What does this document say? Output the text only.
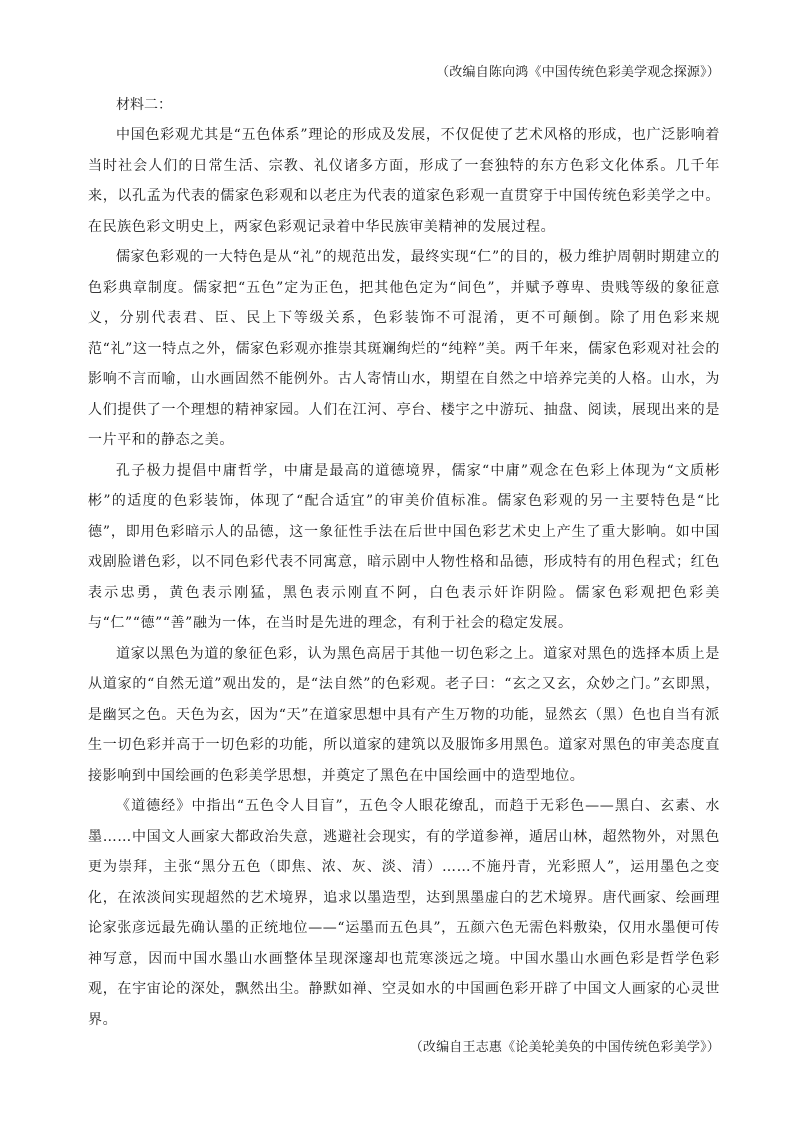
（改编自陈向鸿《中国传统色彩美学观念探源》）

材料二：

中国色彩观尤其是“五色体系”理论的形成及发展，不仅促使了艺术风格的形成，也广泛影响着当时社会人们的日常生活、宗教、礼仪诸多方面，形成了一套独特的东方色彩文化体系。几千年来，以孔孟为代表的儒家色彩观和以老庄为代表的道家色彩观一直贯穿于中国传统色彩美学之中。在民族色彩文明史上，两家色彩观记录着中华民族审美精神的发展过程。

儒家色彩观的一大特色是从“礼”的规范出发，最终实现“仁”的目的，极力维护周朝时期建立的色彩典章制度。儒家把“五色”定为正色，把其他色定为“间色”，并赋予尊卑、贵贱等级的象征意义，分别代表君、臣、民上下等级关系，色彩装饰不可混淆，更不可颠倒。除了用色彩来规范“礼”这一特点之外，儒家色彩观亦推崇其斑斓绚烂的“纯粹”美。两千年来，儒家色彩观对社会的影响不言而喻，山水画固然不能例外。古人寄情山水，期望在自然之中培养完美的人格。山水，为人们提供了一个理想的精神家园。人们在江河、亭台、楼宇之中游玩、抽盘、阅读，展现出来的是一片平和的静态之美。

孔子极力提倡中庸哲学，中庸是最高的道德境界，儒家“中庸”观念在色彩上体现为“文质彬彬”的适度的色彩装饰，体现了“配合适宜”的审美价值标准。儒家色彩观的另一主要特色是“比德”，即用色彩暗示人的品德，这一象征性手法在后世中国色彩艺术史上产生了重大影响。如中国戏剧脸谱色彩，以不同色彩代表不同寓意，暗示剧中人物性格和品德，形成特有的用色程式；红色表示忠勇，黄色表示刚猛，黑色表示刚直不阿，白色表示奸诈阴险。儒家色彩观把色彩美与“仁”“德”“善”融为一体，在当时是先进的理念，有利于社会的稳定发展。

道家以黑色为道的象征色彩，认为黑色高居于其他一切色彩之上。道家对黑色的选择本质上是从道家的“自然无道”观出发的，是“法自然”的色彩观。老子曰：“玄之又玄，众妙之门。”玄即黑，是幽冥之色。天色为玄，因为“天”在道家思想中具有产生万物的功能，显然玄（黑）色也自当有派生一切色彩并高于一切色彩的功能，所以道家的建筑以及服饰多用黑色。道家对黑色的审美态度直接影响到中国绘画的色彩美学思想，并奠定了黑色在中国绘画中的造型地位。

《道德经》中指出“五色令人目盲”，五色令人眼花缭乱，而趋于无彩色——黑白、玄素、水墨……中国文人画家大都政治失意，逃避社会现实，有的学道参禅，遁居山林，超然物外，对黑色更为崇拜，主张“黑分五色（即焦、浓、灰、淡、清）……不施丹青，光彩照人”，运用墨色之变化，在浓淡间实现超然的艺术境界，追求以墨造型，达到黑墨虚白的艺术境界。唐代画家、绘画理论家张彦远最先确认墨的正统地位——“运墨而五色具”，五颜六色无需色料敷染，仅用水墨便可传神写意，因而中国水墨山水画整体呈现深邃却也荒寒淡远之境。中国水墨山水画色彩是哲学色彩观，在宇宙论的深处，飘然出尘。静默如禅、空灵如水的中国画色彩开辟了中国文人画家的心灵世界。

（改编自王志惠《论美轮美奂的中国传统色彩美学》）
